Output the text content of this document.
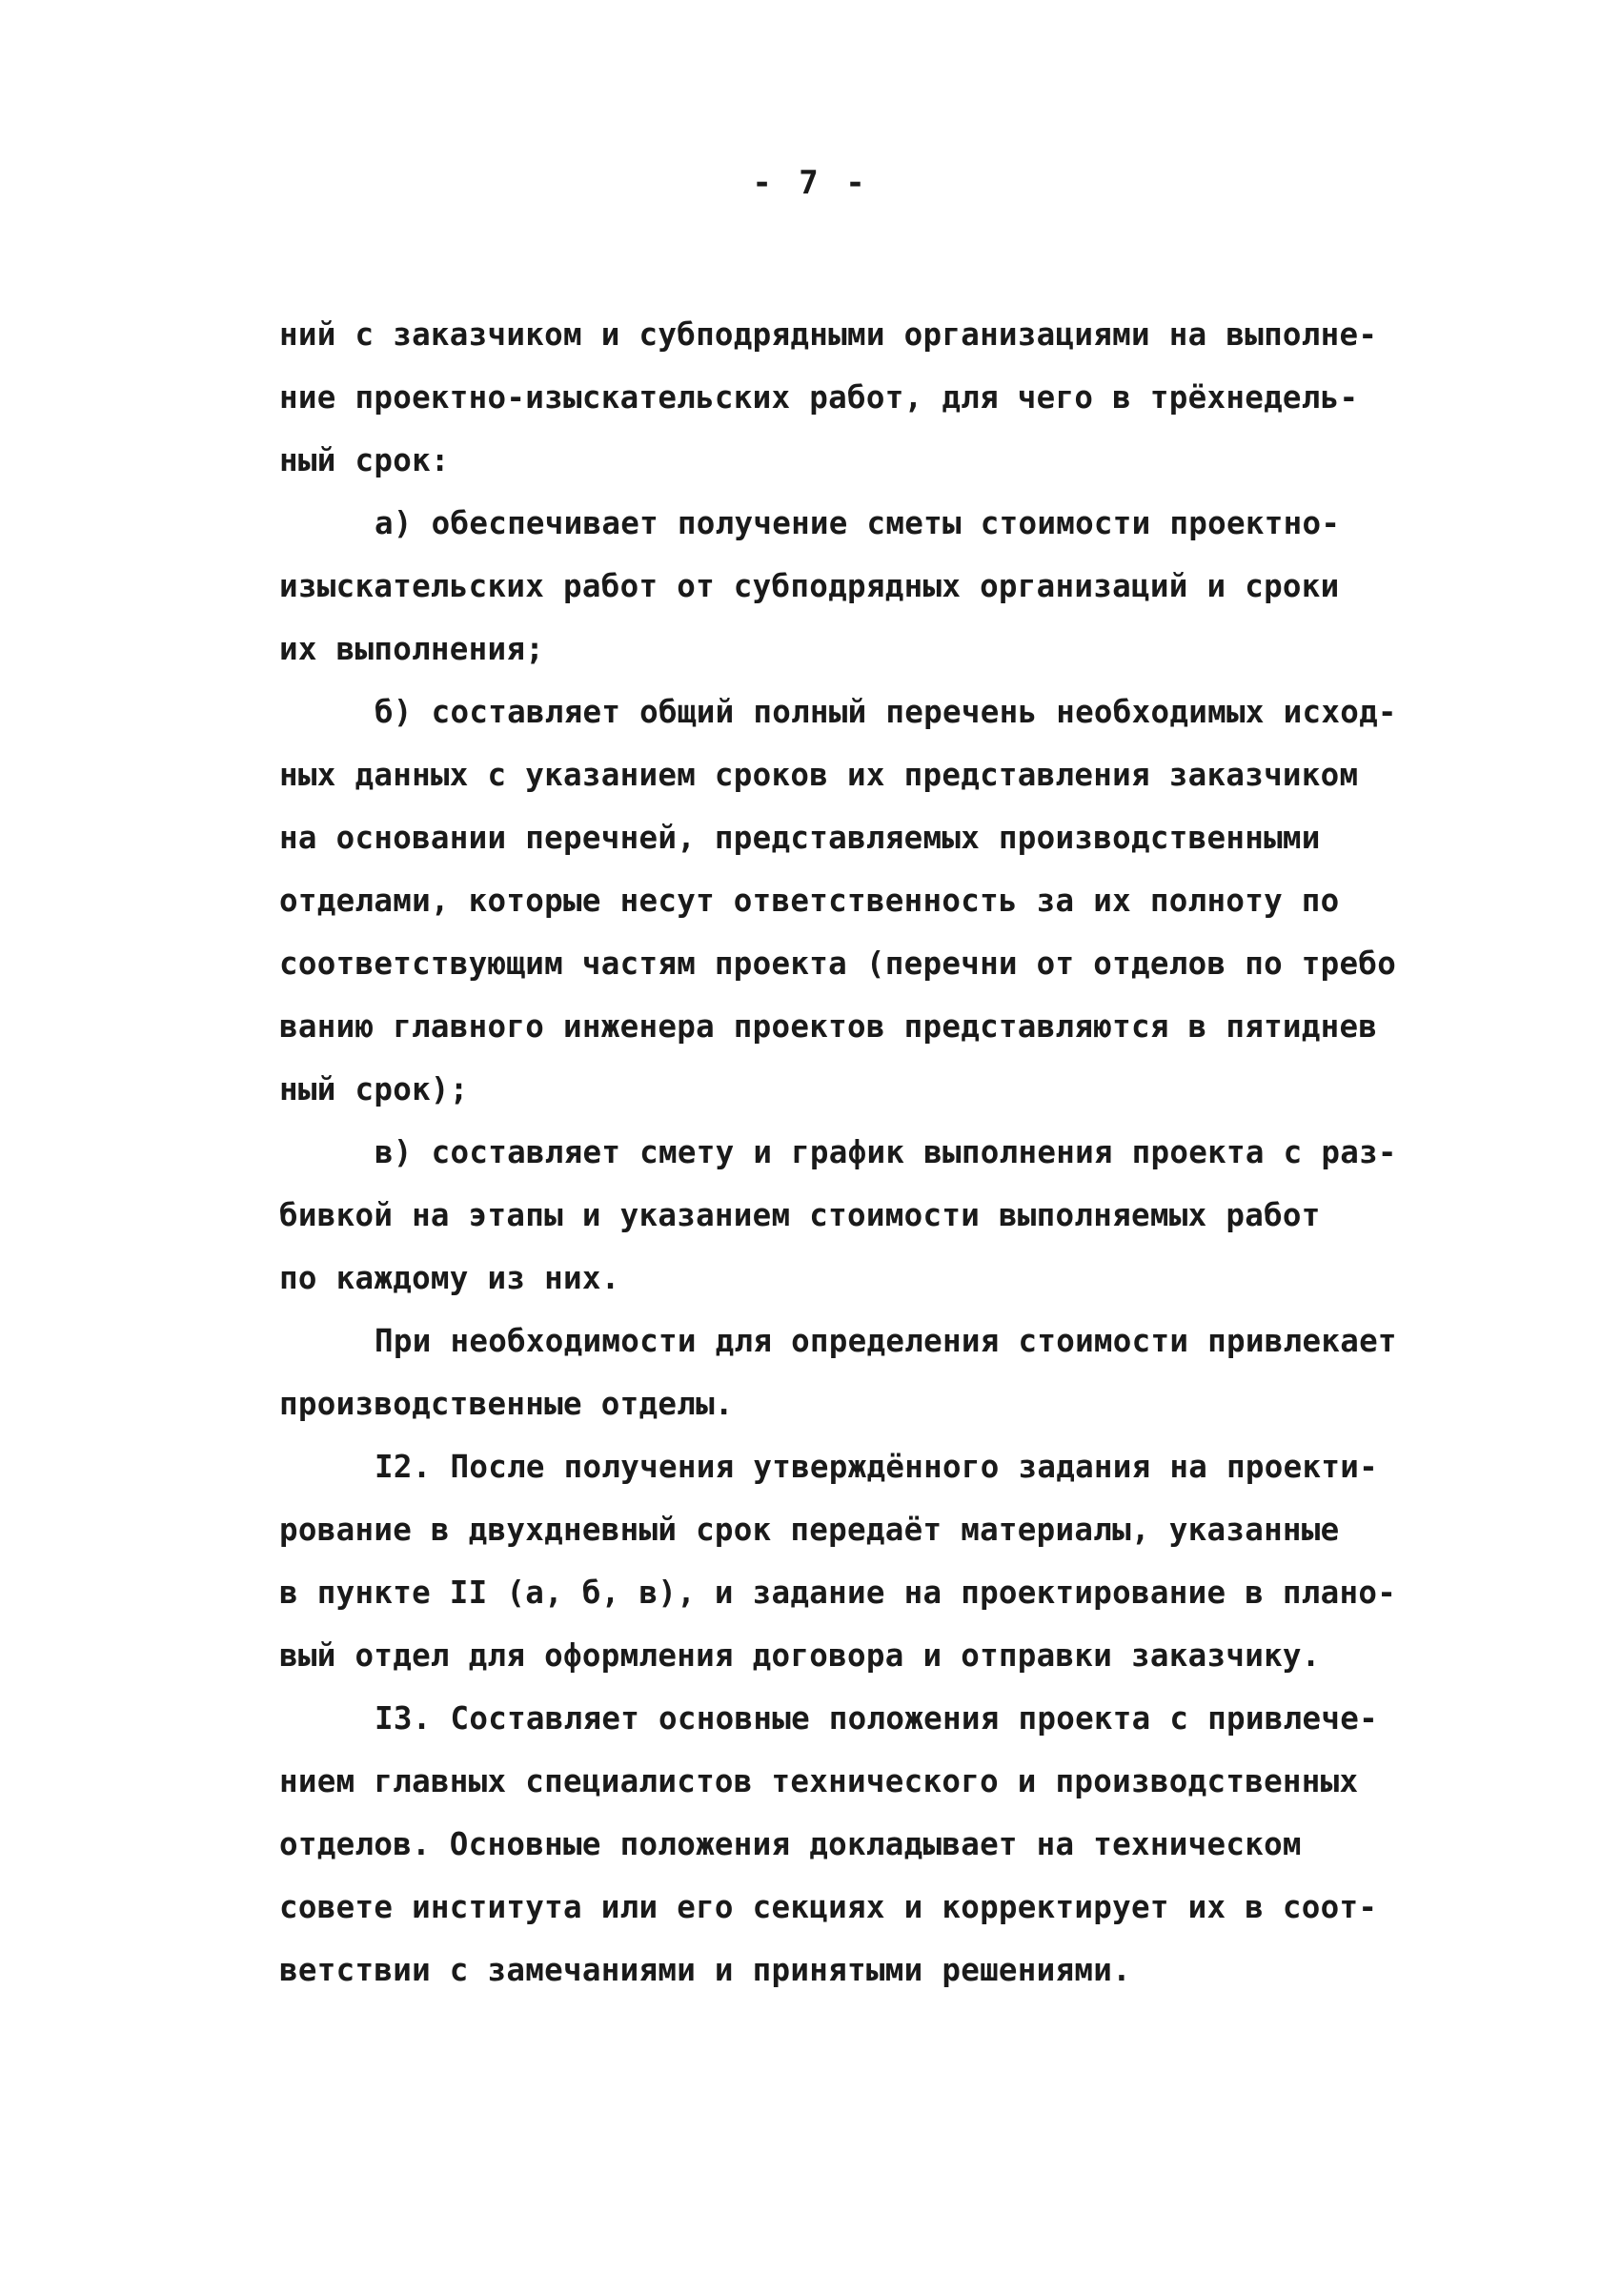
- 7 -
ний с заказчиком и субподрядными организациями на выполне-
ние проектно-изыскательских работ, для чего в трёхнедель-
ный срок:
а) обеспечивает получение сметы стоимости проектно-
изыскательских работ от субподрядных организаций и сроки
их выполнения;
б) составляет общий полный перечень необходимых исход-
ных данных с указанием сроков их представления заказчиком
на основании перечней, представляемых производственными
отделами, которые несут ответственность за их полноту по
соответствующим частям проекта (перечни от отделов по требо
ванию главного инженера проектов представляются в пятиднев
ный срок);
в) составляет смету и график выполнения проекта с раз-
бивкой на этапы и указанием стоимости выполняемых работ
по каждому из них.
При необходимости для определения стоимости привлекает
производственные отделы.
I2. После получения утверждённого задания на проекти-
рование в двухдневный срок передаёт материалы, указанные
в пункте II (а, б, в), и задание на проектирование в плано-
вый отдел для оформления договора и отправки заказчику.
I3. Составляет основные положения проекта с привлече-
нием главных специалистов технического и производственных
отделов. Основные положения докладывает на техническом
совете института или его секциях и корректирует их в соот-
ветствии с замечаниями и принятыми решениями.
